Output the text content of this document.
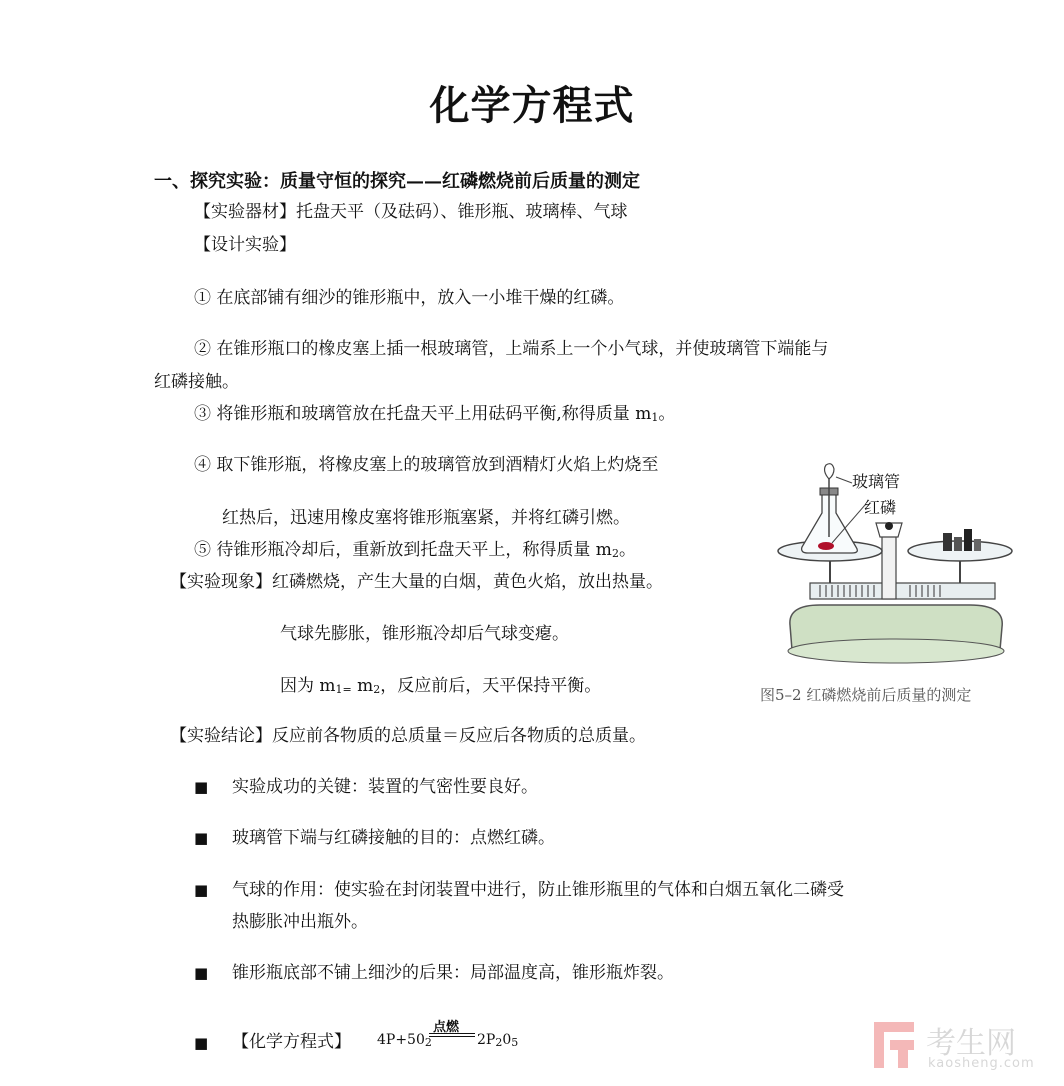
化学方程式
一、探究实验：质量守恒的探究——红磷燃烧前后质量的测定
【实验器材】托盘天平（及砝码）、锥形瓶、玻璃棒、气球
【设计实验】
① 在底部铺有细沙的锥形瓶中，放入一小堆干燥的红磷。
② 在锥形瓶口的橡皮塞上插一根玻璃管，上端系上一个小气球，并使玻璃管下端能与
红磷接触。
③ 将锥形瓶和玻璃管放在托盘天平上用砝码平衡,称得质量 $m_1$。
④ 取下锥形瓶，将橡皮塞上的玻璃管放到酒精灯火焰上灼烧至
红热后，迅速用橡皮塞将锥形瓶塞紧，并将红磷引燃。
⑤ 待锥形瓶冷却后，重新放到托盘天平上，称得质量 $m_2$。
【实验现象】红磷燃烧，产生大量的白烟，黄色火焰，放出热量。
气球先膨胀，锥形瓶冷却后气球变瘪。
因为 $m_{1=}$ $m_2$，反应前后，天平保持平衡。
【实验结论】反应前各物质的总质量＝反应后各物质的总质量。
■ 实验成功的关键：装置的气密性要良好。
■ 玻璃管下端与红磷接触的目的：点燃红磷。
■ 气球的作用：使实验在封闭装置中进行，防止锥形瓶里的气体和白烟五氧化二磷受
热膨胀冲出瓶外。
■ 锥形瓶底部不铺上细沙的后果：局部温度高，锥形瓶炸裂。
■ 【化学方程式】 $4P+50_2$
点燃
$2P_20_5$
玻璃管
红磷
图5–2 红磷燃烧前后质量的测定
考生网
kaosheng.com
